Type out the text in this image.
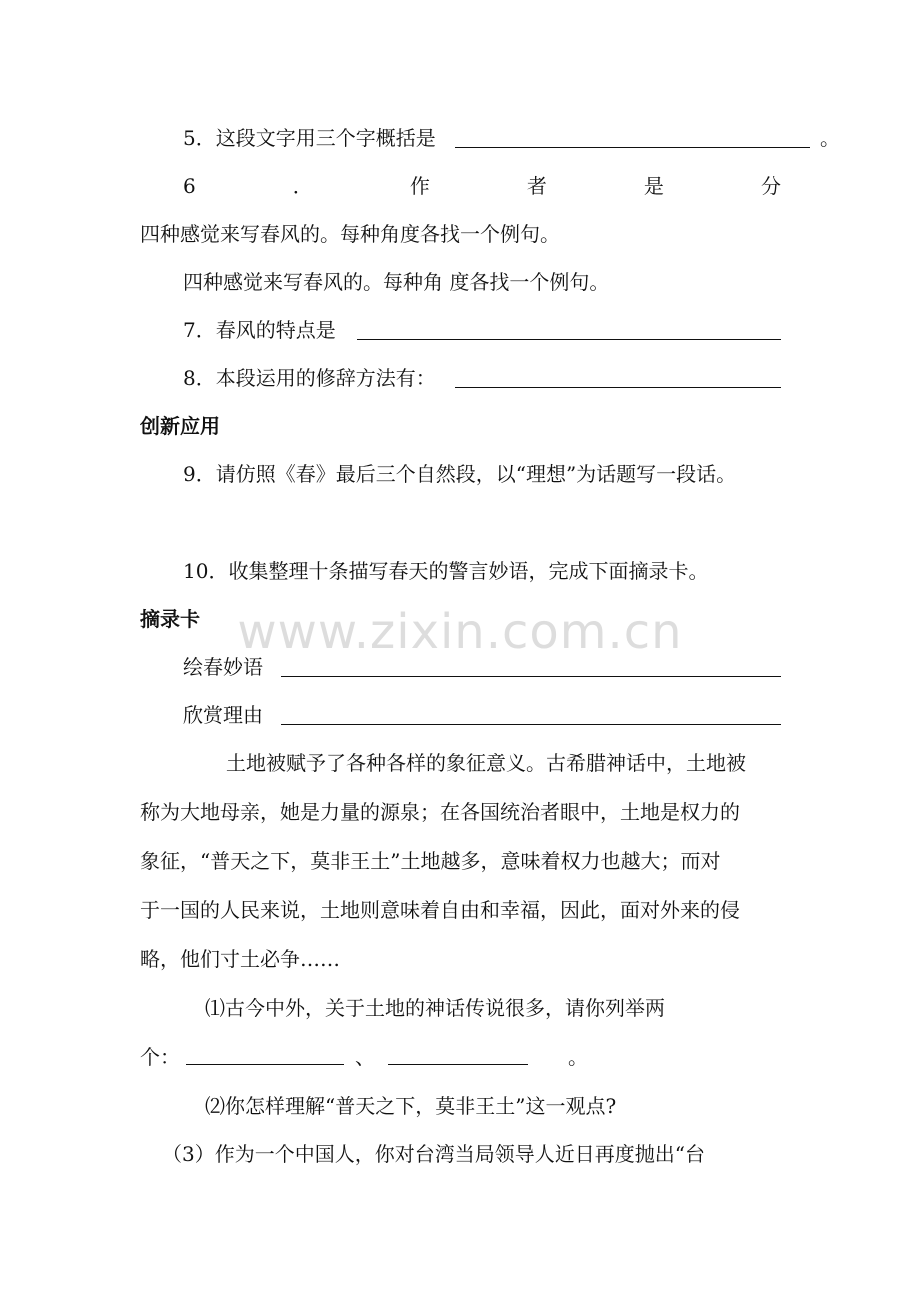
www.zixin.com.cn
5．这段文字用三个字概括是	。
6	．	作	者	是	分
四种感觉来写春风的。每种角度各找一个例句。
四种感觉来写春风的。每种角 度各找一个例句。
7．春风的特点是
8．本段运用的修辞方法有：
创新应用
9．请仿照《春》最后三个自然段，以“理想”为话题写一段话。
10．收集整理十条描写春天的警言妙语，完成下面摘录卡。
摘录卡
绘春妙语
欣赏理由
土地被赋予了各种各样的象征意义。古希腊神话中，土地被
称为大地母亲，她是力量的源泉；在各国统治者眼中，土地是权力的
象征，“普天之下，莫非王土”土地越多，意味着权力也越大；而对
于一国的人民来说，土地则意味着自由和幸福，因此，面对外来的侵
略，他们寸土必争……
⑴古今中外，关于土地的神话传说很多，请你列举两
个：	、	。
⑵你怎样理解“普天之下，莫非王土”这一观点?
（3）作为一个中国人，你对台湾当局领导人近日再度抛出“台
